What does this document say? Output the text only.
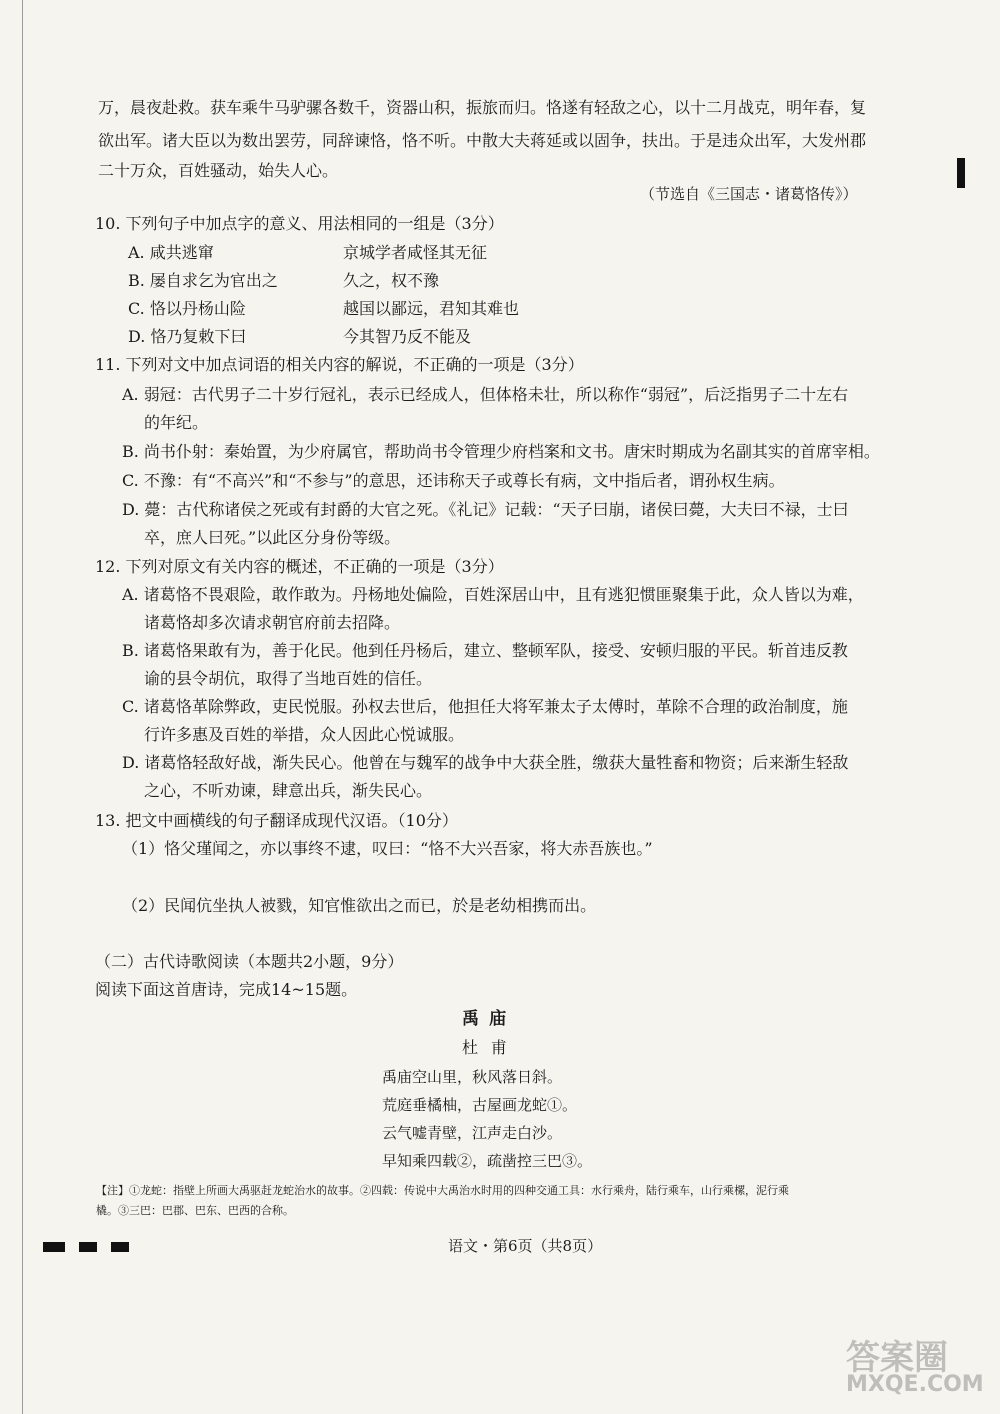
万，晨夜赴救。获车乘牛马驴骡各数千，资器山积，振旅而归。恪遂有轻敌之心，以十二月战克，明年春，复
欲出军。诸大臣以为数出罢劳，同辞谏恪，恪不听。中散大夫蒋延或以固争，扶出。于是违众出军，大发州郡
二十万众，百姓骚动，始失人心。
（节选自《三国志・诸葛恪传》）
10. 下列句子中加点字的意义、用法相同的一组是（3分）
A. 咸共逃窜	京城学者咸怪其无征
B. 屡自求乞为官出之	久之，权不豫
C. 恪以丹杨山险	越国以鄙远，君知其难也
D. 恪乃复敕下曰	今其智乃反不能及
11. 下列对文中加点词语的相关内容的解说，不正确的一项是（3分）
A. 弱冠：古代男子二十岁行冠礼，表示已经成人，但体格未壮，所以称作“弱冠”，后泛指男子二十左右
的年纪。
B. 尚书仆射：秦始置，为少府属官，帮助尚书令管理少府档案和文书。唐宋时期成为名副其实的首席宰相。
C. 不豫：有“不高兴”和“不参与”的意思，还讳称天子或尊长有病，文中指后者，谓孙权生病。
D. 薨：古代称诸侯之死或有封爵的大官之死。《礼记》记载：“天子曰崩，诸侯曰薨，大夫曰不禄，士曰
卒，庶人曰死。”以此区分身份等级。
12. 下列对原文有关内容的概述，不正确的一项是（3分）
A. 诸葛恪不畏艰险，敢作敢为。丹杨地处偏险，百姓深居山中，且有逃犯惯匪聚集于此，众人皆以为难，
诸葛恪却多次请求朝官府前去招降。
B. 诸葛恪果敢有为，善于化民。他到任丹杨后，建立、整顿军队，接受、安顿归服的平民。斩首违反教
谕的县令胡伉，取得了当地百姓的信任。
C. 诸葛恪革除弊政，吏民悦服。孙权去世后，他担任大将军兼太子太傅时，革除不合理的政治制度，施
行许多惠及百姓的举措，众人因此心悦诚服。
D. 诸葛恪轻敌好战，渐失民心。他曾在与魏军的战争中大获全胜，缴获大量牲畜和物资；后来渐生轻敌
之心，不听劝谏，肆意出兵，渐失民心。
13. 把文中画横线的句子翻译成现代汉语。（10分）
（1）恪父瑾闻之，亦以事终不逮，叹曰：“恪不大兴吾家，将大赤吾族也。”
（2）民闻伉坐执人被戮，知官惟欲出之而已，於是老幼相携而出。
（二）古代诗歌阅读（本题共2小题，9分）
阅读下面这首唐诗，完成14~15题。
禹庙
杜甫
禹庙空山里，秋风落日斜。
荒庭垂橘柚，古屋画龙蛇①。
云气嘘青壁，江声走白沙。
早知乘四载②，疏凿控三巴③。
【注】①龙蛇：指壁上所画大禹驱赶龙蛇治水的故事。②四载：传说中大禹治水时用的四种交通工具：水行乘舟，陆行乘车，山行乘樏，泥行乘
橇。③三巴：巴郡、巴东、巴西的合称。
语文・第6页（共8页）
答案圈
MXQE.COM
